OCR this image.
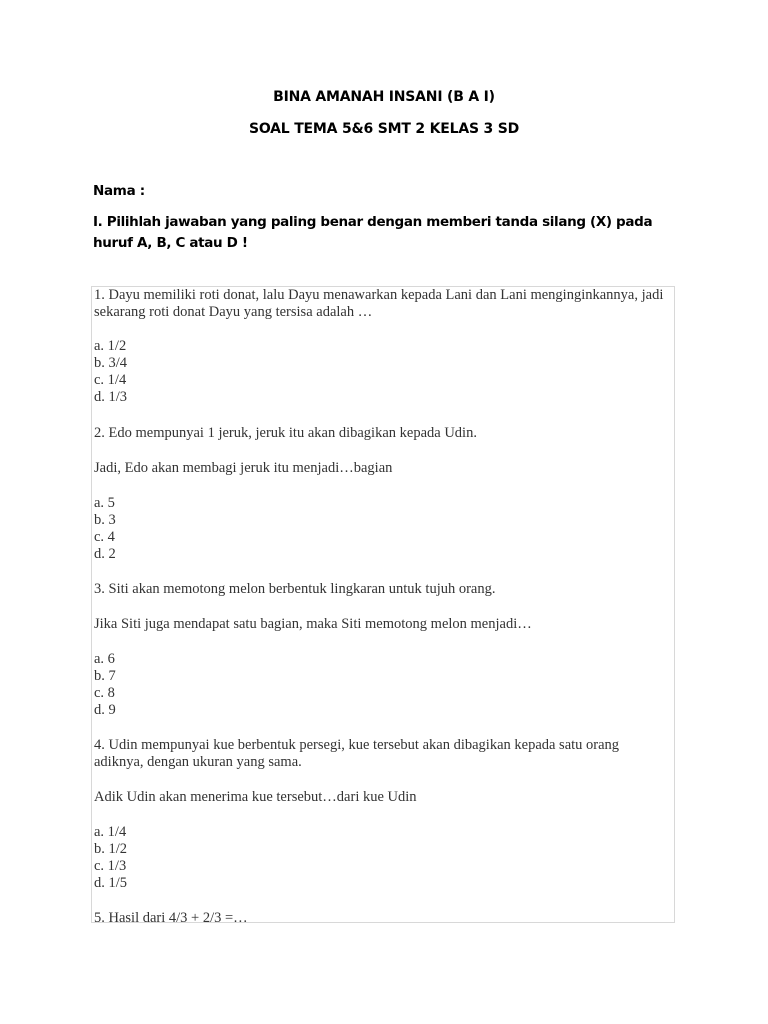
BINA AMANAH INSANI (B A I)
SOAL TEMA 5&6 SMT 2 KELAS 3 SD
Nama :
I. Pilihlah jawaban yang paling benar dengan memberi tanda silang (X) pada huruf A, B, C atau D !

1. Dayu memiliki roti donat, lalu Dayu menawarkan kepada Lani dan Lani menginginkannya, jadi sekarang roti donat Dayu yang tersisa adalah …

a. 1/2

b. 3/4

c. 1/4

d. 1/3

2. Edo mempunyai 1 jeruk, jeruk itu akan dibagikan kepada Udin.

Jadi, Edo akan membagi jeruk itu menjadi…bagian

a. 5

b. 3

c. 4

d. 2

3. Siti akan memotong melon berbentuk lingkaran untuk tujuh orang.

Jika Siti juga mendapat satu bagian, maka Siti memotong melon menjadi…

a. 6

b. 7

c. 8

d. 9

4. Udin mempunyai kue berbentuk persegi, kue tersebut akan dibagikan kepada satu orang adiknya, dengan ukuran yang sama.

Adik Udin akan menerima kue tersebut…dari kue Udin

a. 1/4

b. 1/2

c. 1/3

d. 1/5

5. Hasil dari 4/3 + 2/3 =…
